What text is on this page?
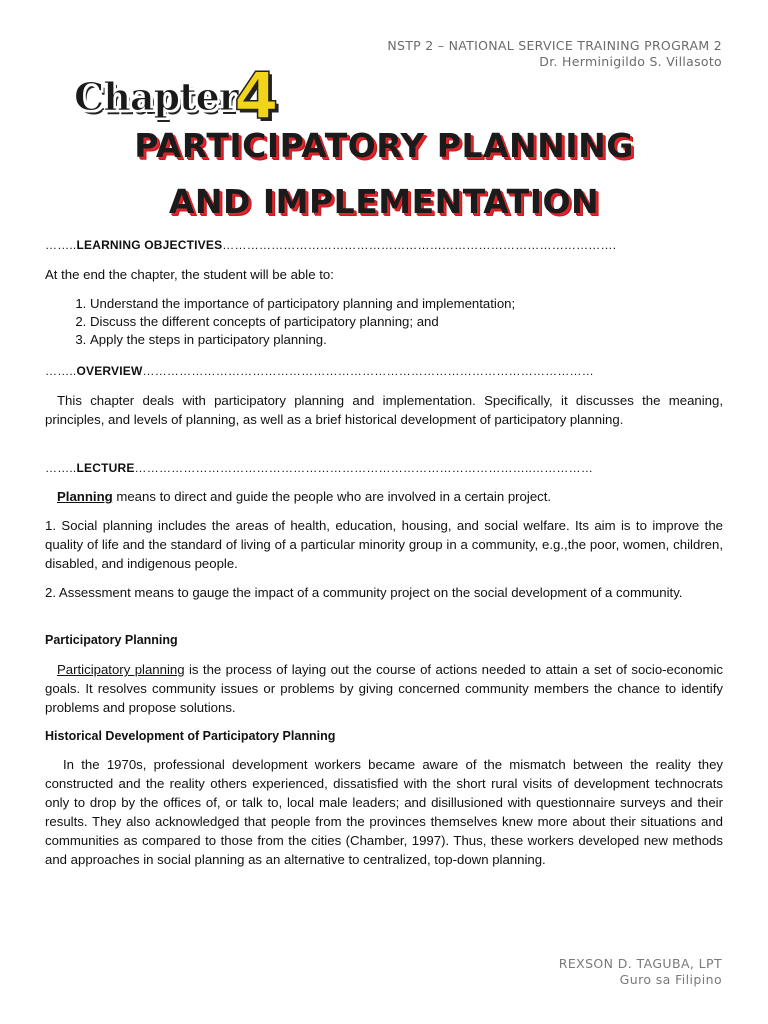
NSTP 2 – NATIONAL SERVICE TRAINING PROGRAM 2
Dr. Herminigildo S. Villasoto
Chapter
4
PARTICIPATORY PLANNING
AND IMPLEMENTATION
……..LEARNING OBJECTIVES…………………………………………………………………………………….

At the end the chapter, the student will be able to:

1. Understand the importance of participatory planning and implementation;
2. Discuss the different concepts of participatory planning; and
3. Apply the steps in participatory planning.
……..OVERVIEW…………………………………………………………………………………………………

This chapter deals with participatory planning and implementation. Specifically, it discusses the meaning, principles, and levels of planning, as well as a brief historical development of participatory planning.

……..LECTURE……………………………………………………………………………………..……………

Planning means to direct and guide the people who are involved in a certain project.

1. Social planning includes the areas of health, education, housing, and social welfare. Its aim is to improve the quality of life and the standard of living of a particular minority group in a community, e.g.,the poor, women, children, disabled, and indigenous people.

2. Assessment means to gauge the impact of a community project on the social development of a community.

Participatory Planning

Participatory planning is the process of laying out the course of actions needed to attain a set of socio-economic goals. It resolves community issues or problems by giving concerned community members the chance to identify problems and propose solutions.

Historical Development of Participatory Planning

In the 1970s, professional development workers became aware of the mismatch between the reality they constructed and the reality others experienced, dissatisfied with the short rural visits of development technocrats only to drop by the offices of, or talk to, local male leaders; and disillusioned with questionnaire surveys and their results. They also acknowledged that people from the provinces themselves knew more about their situations and communities as compared to those from the cities (Chamber, 1997). Thus, these workers developed new methods and approaches in social planning as an alternative to centralized, top-down planning.

REXSON D. TAGUBA, LPT
Guro sa Filipino
